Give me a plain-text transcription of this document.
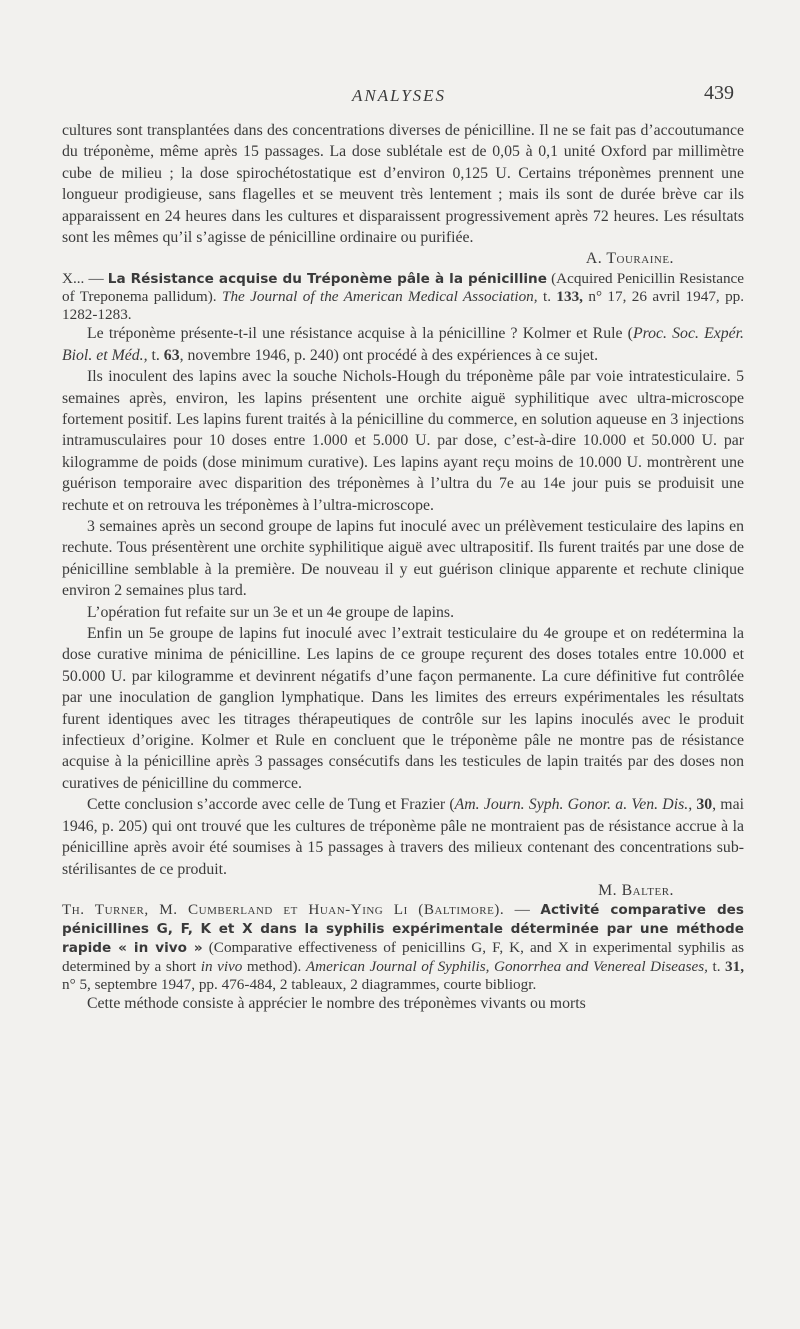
ANALYSES	439

cultures sont transplantées dans des concentrations diverses de pénicilline. Il ne se fait pas d’accoutumance du tréponème, même après 15 passages. La dose sublétale est de 0,05 à 0,1 unité Oxford par millimètre cube de milieu ; la dose spirochétostatique est d’environ 0,125 U. Certains tréponèmes prennent une longueur prodigieuse, sans flagelles et se meuvent très lentement ; mais ils sont de durée brève car ils apparaissent en 24 heures dans les cultures et disparaissent progressivement après 72 heures. Les résultats sont les mêmes qu’il s’agisse de pénicilline ordinaire ou purifiée.

A. Touraine.

X... — La Résistance acquise du Tréponème pâle à la pénicilline (Acquired Penicillin Resistance of Treponema pallidum). The Journal of the American Medical Association, t. 133, n° 17, 26 avril 1947, pp. 1282-1283.

Le tréponème présente-t-il une résistance acquise à la pénicilline ? Kolmer et Rule (Proc. Soc. Expér. Biol. et Méd., t. 63, novembre 1946, p. 240) ont procédé à des expériences à ce sujet.

Ils inoculent des lapins avec la souche Nichols-Hough du tréponème pâle par voie intratesticulaire. 5 semaines après, environ, les lapins présentent une orchite aiguë syphilitique avec ultra-microscope fortement positif. Les lapins furent traités à la pénicilline du commerce, en solution aqueuse en 3 injections intramusculaires pour 10 doses entre 1.000 et 5.000 U. par dose, c’est-à-dire 10.000 et 50.000 U. par kilogramme de poids (dose minimum curative). Les lapins ayant reçu moins de 10.000 U. montrèrent une guérison temporaire avec disparition des tréponèmes à l’ultra du 7e au 14e jour puis se produisit une rechute et on retrouva les tréponèmes à l’ultra-microscope.

3 semaines après un second groupe de lapins fut inoculé avec un prélèvement testiculaire des lapins en rechute. Tous présentèrent une orchite syphilitique aiguë avec ultrapositif. Ils furent traités par une dose de pénicilline semblable à la première. De nouveau il y eut guérison clinique apparente et rechute clinique environ 2 semaines plus tard.

L’opération fut refaite sur un 3e et un 4e groupe de lapins.

Enfin un 5e groupe de lapins fut inoculé avec l’extrait testiculaire du 4e groupe et on redétermina la dose curative minima de pénicilline. Les lapins de ce groupe reçurent des doses totales entre 10.000 et 50.000 U. par kilogramme et devinrent négatifs d’une façon permanente. La cure définitive fut contrôlée par une inoculation de ganglion lymphatique. Dans les limites des erreurs expérimentales les résultats furent identiques avec les titrages thérapeutiques de contrôle sur les lapins inoculés avec le produit infectieux d’origine. Kolmer et Rule en concluent que le tréponème pâle ne montre pas de résistance acquise à la pénicilline après 3 passages consécutifs dans les testicules de lapin traités par des doses non curatives de pénicilline du commerce.

Cette conclusion s’accorde avec celle de Tung et Frazier (Am. Journ. Syph. Gonor. a. Ven. Dis., 30, mai 1946, p. 205) qui ont trouvé que les cultures de tréponème pâle ne montraient pas de résistance accrue à la pénicilline après avoir été soumises à 15 passages à travers des milieux contenant des concentrations sub-stérilisantes de ce produit.

M. Balter.

Th. Turner, M. Cumberland et Huan-Ying Li (Baltimore). — Activité comparative des pénicillines G, F, K et X dans la syphilis expérimentale déterminée par une méthode rapide « in vivo » (Comparative effectiveness of penicillins G, F, K, and X in experimental syphilis as determined by a short in vivo method). American Journal of Syphilis, Gonorrhea and Venereal Diseases, t. 31, n° 5, septembre 1947, pp. 476-484, 2 tableaux, 2 diagrammes, courte bibliogr.

Cette méthode consiste à apprécier le nombre des tréponèmes vivants ou morts
